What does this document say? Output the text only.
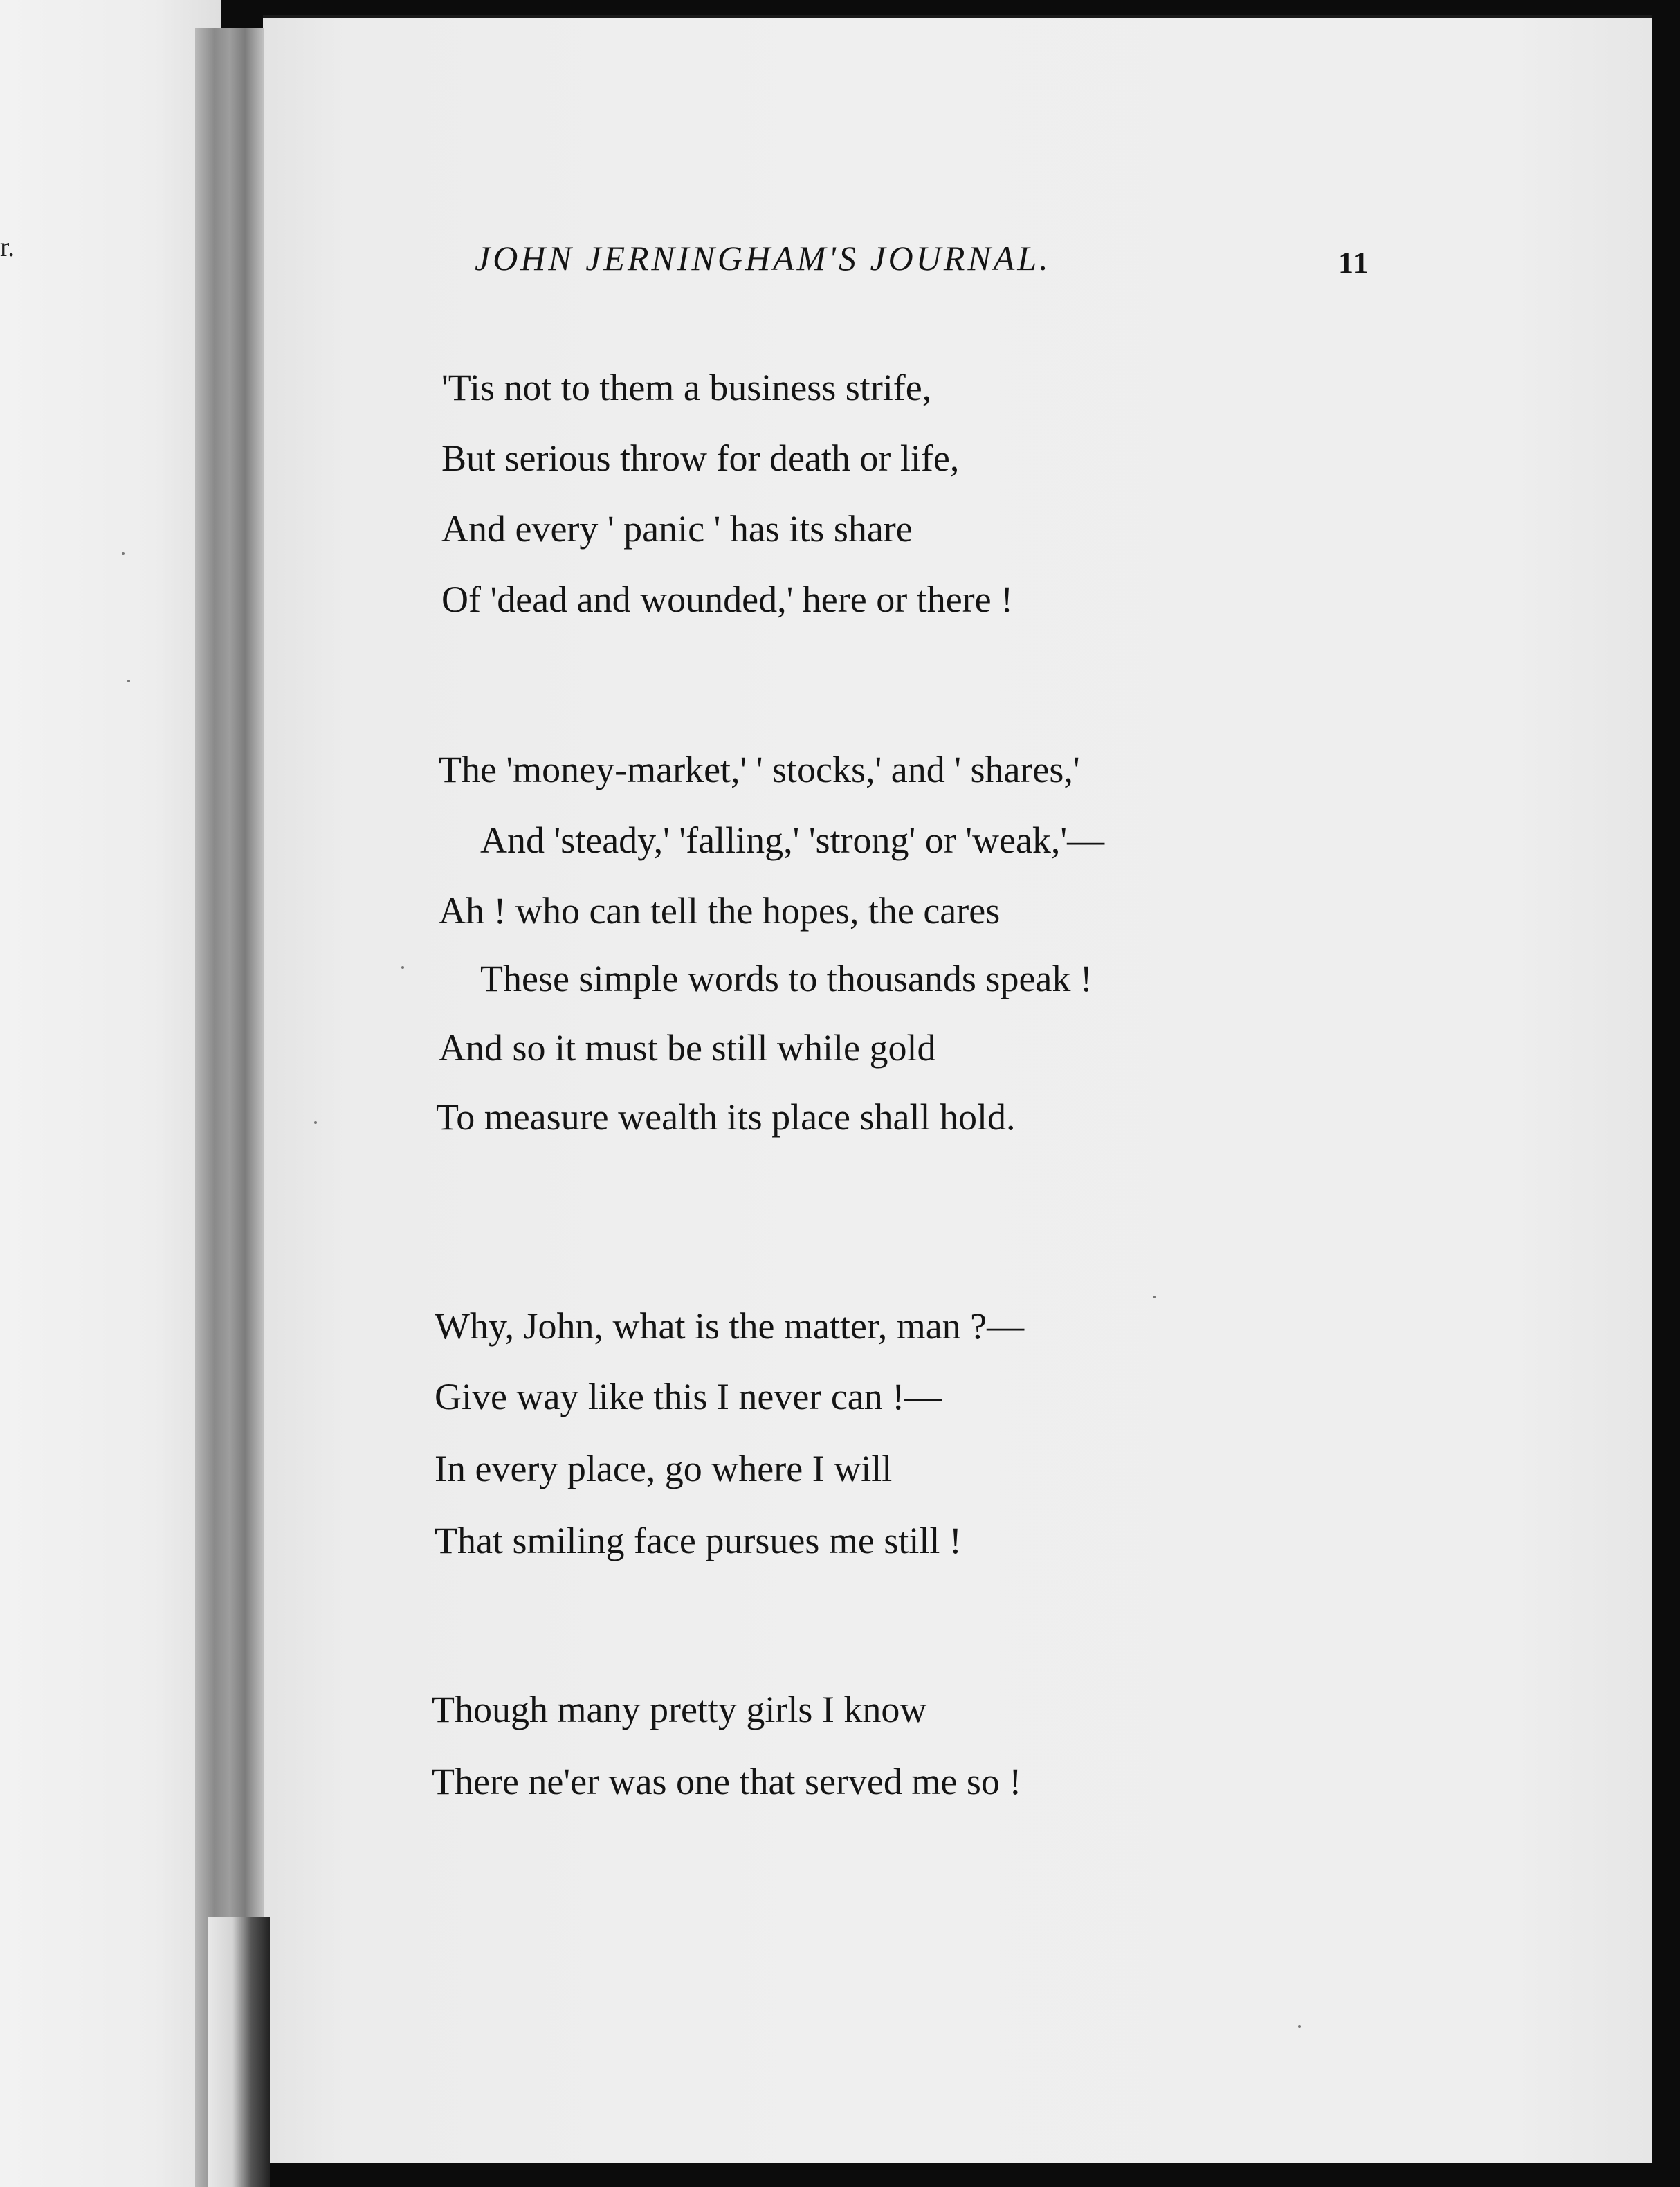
r.	JOHN JERNINGHAM'S JOURNAL.	11
'Tis not to them a business strife,
But serious throw for death or life,
And every ' panic ' has its share
Of 'dead and wounded,' here or there !
The 'money-market,' ' stocks,' and ' shares,'
And 'steady,' 'falling,' 'strong' or 'weak,'—
Ah ! who can tell the hopes, the cares
These simple words to thousands speak !
And so it must be still while gold
To measure wealth its place shall hold.
Why, John, what is the matter, man ?—
Give way like this I never can !—
In every place, go where I will
That smiling face pursues me still !
Though many pretty girls I know
There ne'er was one that served me so !
